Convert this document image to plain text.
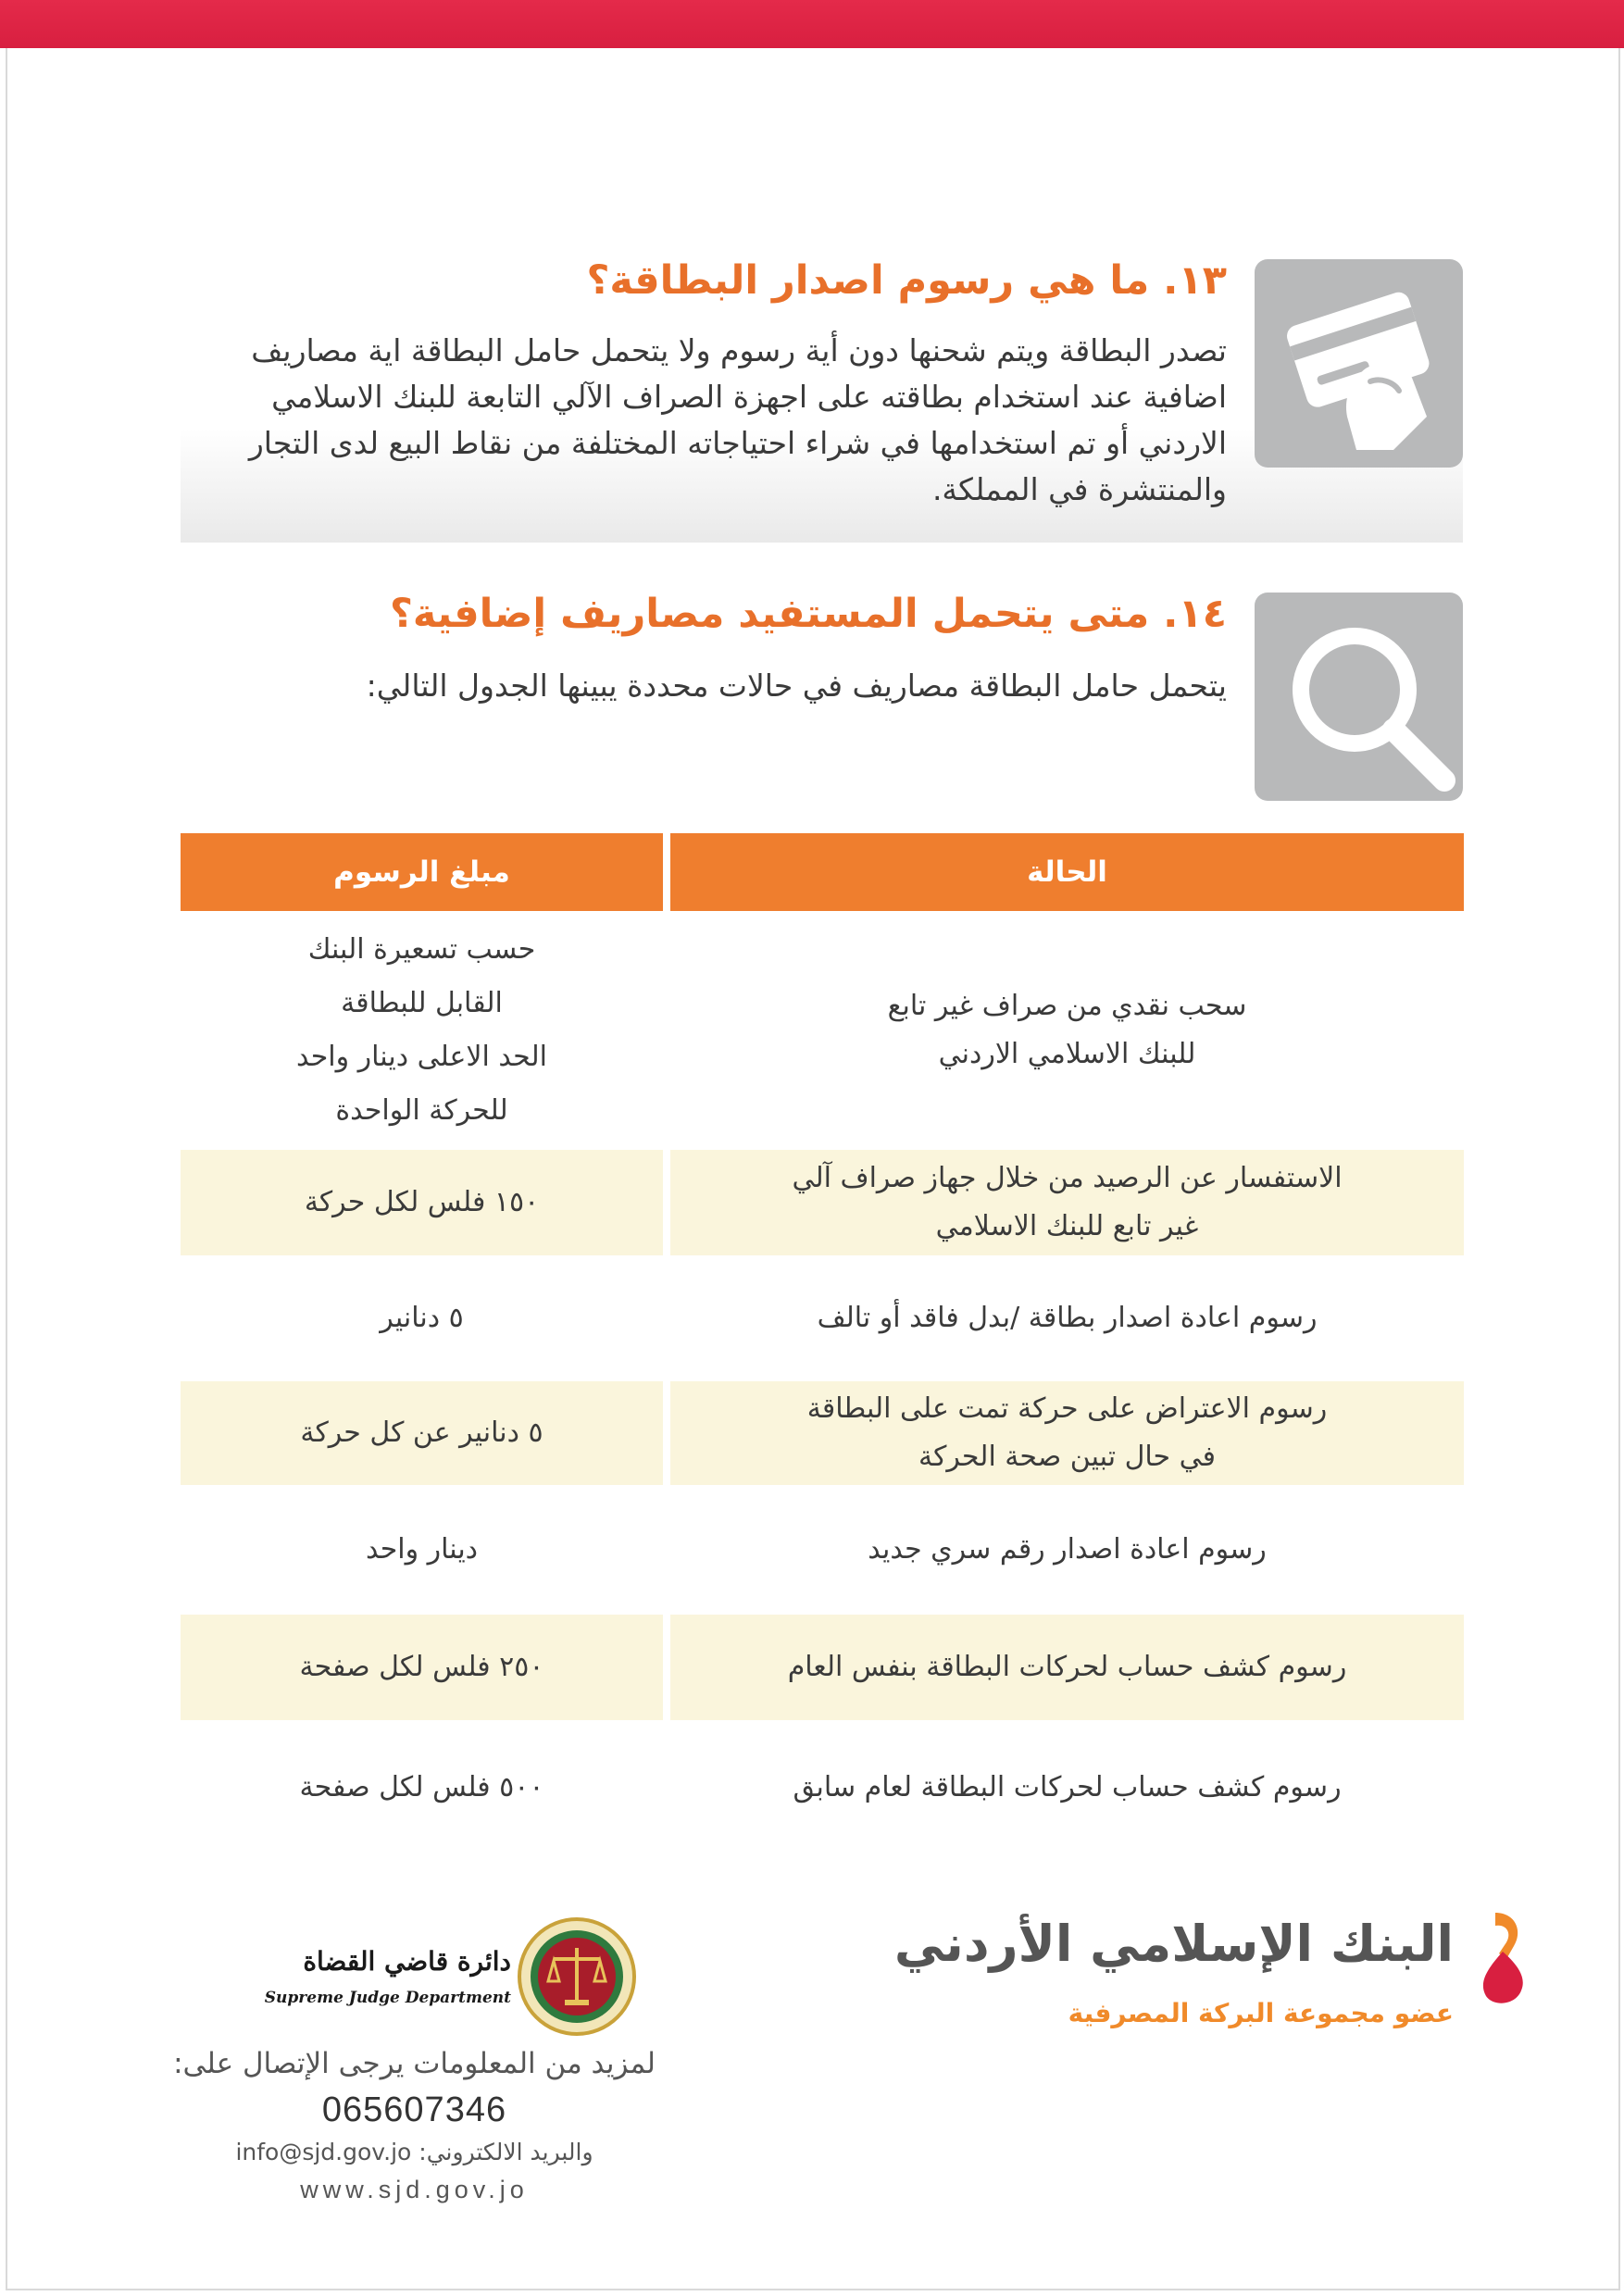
١٣. ما هي رسوم اصدار البطاقة؟

تصدر البطاقة ويتم شحنها دون أية رسوم ولا يتحمل حامل البطاقة اية مصاريف اضافية عند استخدام بطاقته على اجهزة الصراف الآلي التابعة للبنك الاسلامي الاردني أو تم استخدامها في شراء احتياجاته المختلفة من نقاط البيع لدى التجار والمنتشرة في المملكة.

١٤. متى يتحمل المستفيد مصاريف إضافية؟

يتحمل حامل البطاقة مصاريف في حالات محددة يبينها الجدول التالي:

الحالة
مبلغ الرسوم
سحب نقدي من صراف غير تابع
للبنك الاسلامي الاردني
حسب تسعيرة البنك
القابل للبطاقة
الحد الاعلى دينار واحد
للحركة الواحدة
الاستفسار عن الرصيد من خلال جهاز صراف آلي
غير تابع للبنك الاسلامي
١٥٠ فلس لكل حركة
رسوم اعادة اصدار بطاقة /بدل فاقد أو تالف
٥ دنانير
رسوم الاعتراض على حركة تمت على البطاقة
في حال تبين صحة الحركة
٥ دنانير عن كل حركة
رسوم اعادة اصدار رقم سري جديد
دينار واحد
رسوم كشف حساب لحركات البطاقة بنفس العام
٢٥٠ فلس لكل صفحة
رسوم كشف حساب لحركات البطاقة لعام سابق
٥٠٠ فلس لكل صفحة

البنك الإسلامي الأردني

عضو مجموعة البركة المصرفية

دائرة قاضي القضاة

Supreme Judge Department

لمزيد من المعلومات يرجى الإتصال على:

065607346

والبريد الالكتروني: info@sjd.gov.jo

www.sjd.gov.jo
